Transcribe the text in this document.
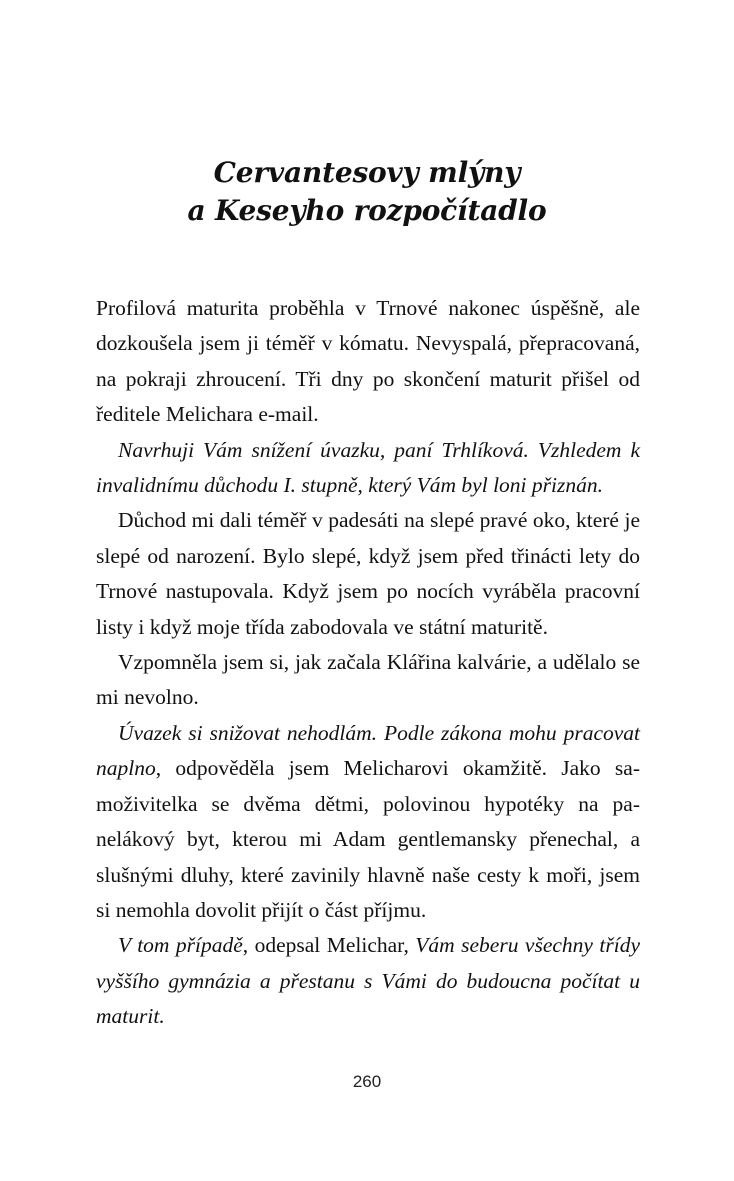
Cervantesovy mlýny
a Keseyho rozpočítadlo

Profilová maturita proběhla v Trnové nakonec úspěšně, ale dozkoušela jsem ji téměř v kómatu. Nevyspalá, přepracovaná, na pokraji zhroucení. Tři dny po skončení maturit přišel od ředitele Melichara e-mail.

Navrhuji Vám snížení úvazku, paní Trhlíková. Vzhledem k invalidnímu důchodu I. stupně, který Vám byl loni přiznán.

Důchod mi dali téměř v padesáti na slepé pravé oko, které je slepé od narození. Bylo slepé, když jsem před třinácti lety do Trnové nastupovala. Když jsem po nocích vyráběla pracovní listy i když moje třída zabodovala ve státní maturitě.

Vzpomněla jsem si, jak začala Klářina kalvárie, a udělalo se mi nevolno.

Úvazek si snižovat nehodlám. Podle zákona mohu pracovat naplno, odpověděla jsem Melicharovi okamžitě. Jako samoživitelka se dvěma dětmi, polovinou hypotéky na panelákový byt, kterou mi Adam gentlemansky přenechal, a slušnými dluhy, které zavinily hlavně naše cesty k moři, jsem si nemohla dovolit přijít o část příjmu.

V tom případě, odepsal Melichar, Vám seberu všechny třídy vyššího gymnázia a přestanu s Vámi do budoucna počítat u maturit.

260
